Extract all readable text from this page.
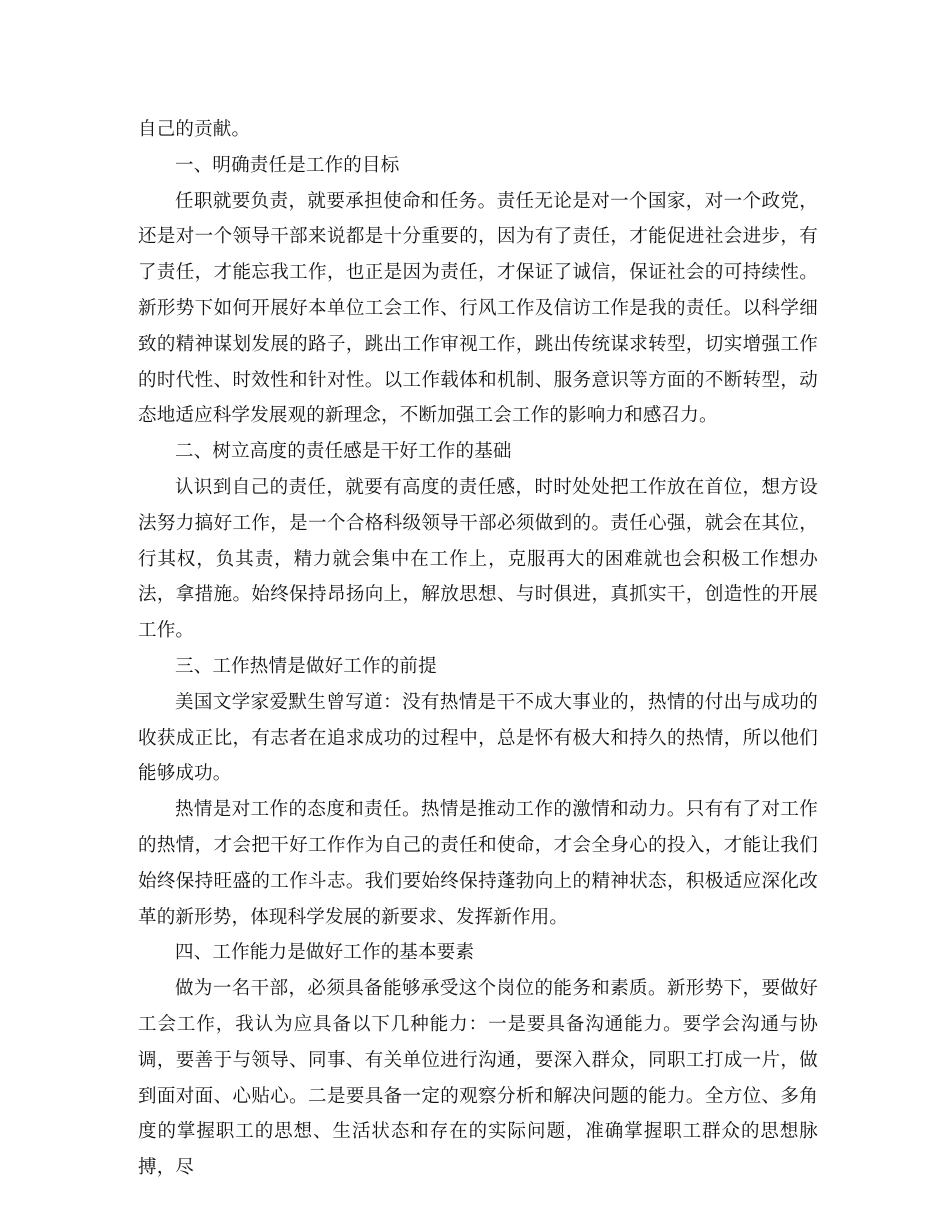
自己的贡献。

一、明确责任是工作的目标

任职就要负责，就要承担使命和任务。责任无论是对一个国家，对一个政党，还是对一个领导干部来说都是十分重要的，因为有了责任，才能促进社会进步，有了责任，才能忘我工作，也正是因为责任，才保证了诚信，保证社会的可持续性。新形势下如何开展好本单位工会工作、行风工作及信访工作是我的责任。以科学细致的精神谋划发展的路子，跳出工作审视工作，跳出传统谋求转型，切实增强工作的时代性、时效性和针对性。以工作载体和机制、服务意识等方面的不断转型，动态地适应科学发展观的新理念，不断加强工会工作的影响力和感召力。

二、树立高度的责任感是干好工作的基础

认识到自己的责任，就要有高度的责任感，时时处处把工作放在首位，想方设法努力搞好工作，是一个合格科级领导干部必须做到的。责任心强，就会在其位，行其权，负其责，精力就会集中在工作上，克服再大的困难就也会积极工作想办法，拿措施。始终保持昂扬向上，解放思想、与时俱进，真抓实干，创造性的开展工作。

三、工作热情是做好工作的前提

美国文学家爱默生曾写道：没有热情是干不成大事业的，热情的付出与成功的收获成正比，有志者在追求成功的过程中，总是怀有极大和持久的热情，所以他们能够成功。

热情是对工作的态度和责任。热情是推动工作的激情和动力。只有有了对工作的热情，才会把干好工作作为自己的责任和使命，才会全身心的投入，才能让我们始终保持旺盛的工作斗志。我们要始终保持蓬勃向上的精神状态，积极适应深化改革的新形势，体现科学发展的新要求、发挥新作用。

四、工作能力是做好工作的基本要素

做为一名干部，必须具备能够承受这个岗位的能务和素质。新形势下，要做好工会工作，我认为应具备以下几种能力：一是要具备沟通能力。要学会沟通与协调，要善于与领导、同事、有关单位进行沟通，要深入群众，同职工打成一片，做到面对面、心贴心。二是要具备一定的观察分析和解决问题的能力。全方位、多角度的掌握职工的思想、生活状态和存在的实际问题，准确掌握职工群众的思想脉搏，尽
